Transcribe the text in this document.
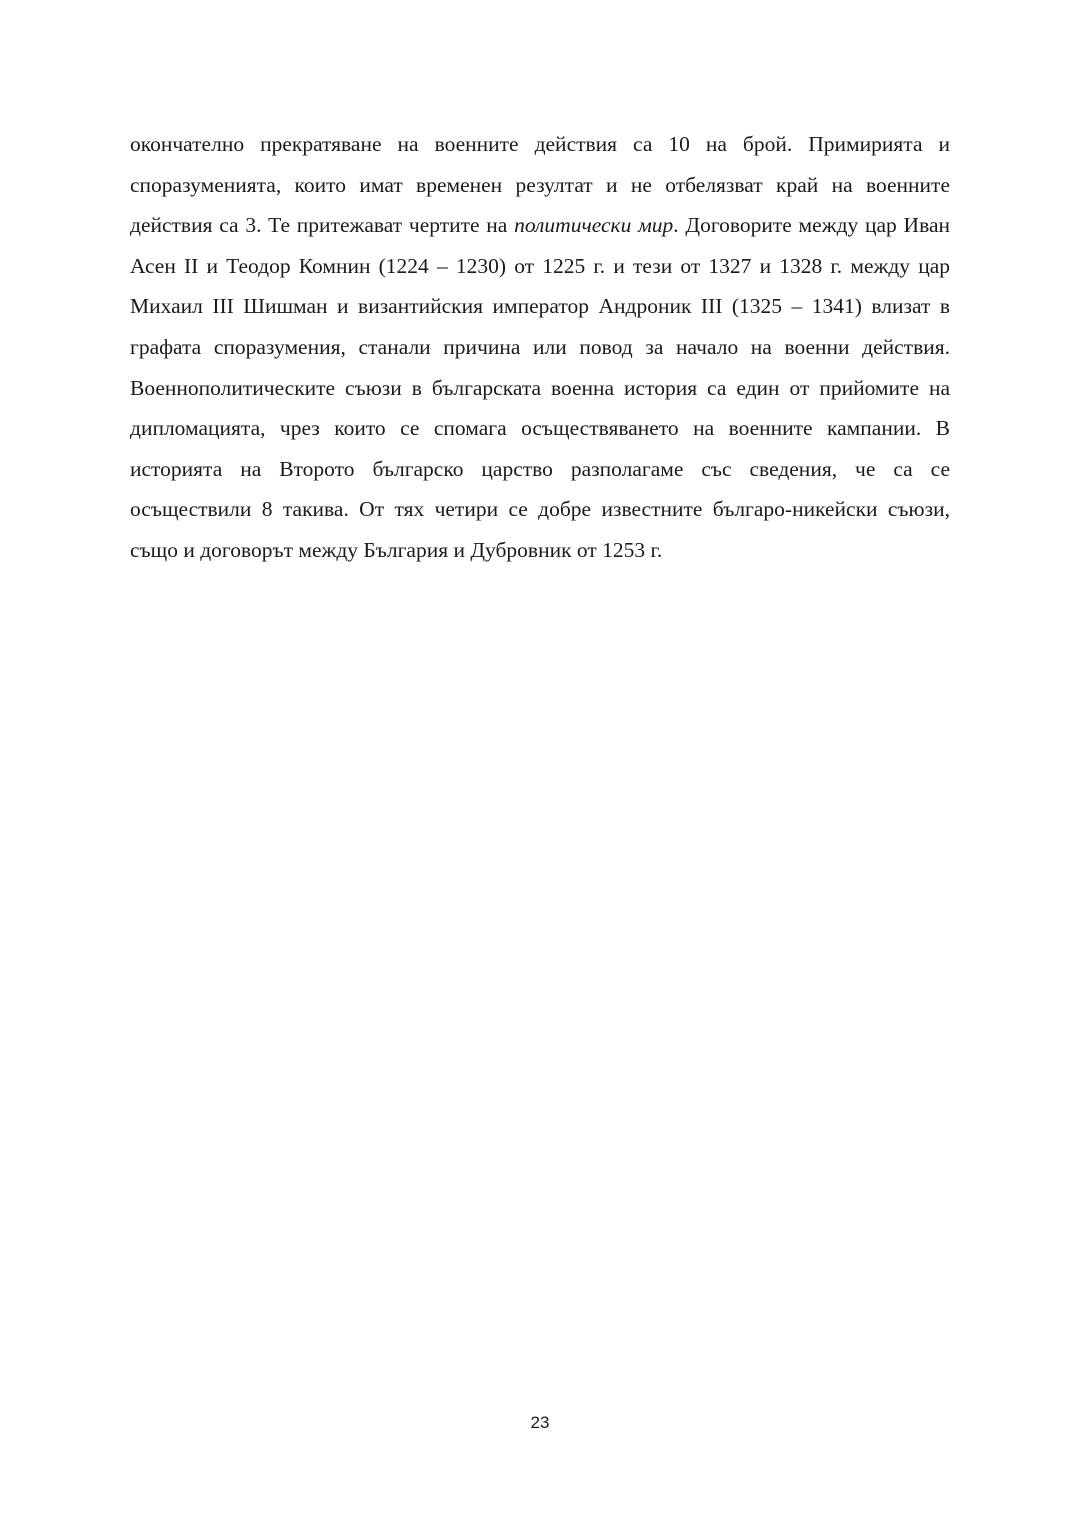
окончателно прекратяване на военните действия са 10 на брой. Примирията и споразуменията, които имат временен резултат и не отбелязват край на военните действия са 3. Те притежават чертите на политически мир. Договорите между цар Иван Асен II и Теодор Комнин (1224 – 1230) от 1225 г. и тези от 1327 и 1328 г. между цар Михаил III Шишман и византийския император Андроник III (1325 – 1341) влизат в графата споразумения, станали причина или повод за начало на военни действия. Военнополитическите съюзи в българската военна история са един от прийомите на дипломацията, чрез които се спомага осъществяването на военните кампании. В историята на Второто българско царство разполагаме със сведения, че са се осъществили 8 такива. От тях четири се добре известните българо-никейски съюзи, също и договорът между България и Дубровник от 1253 г.

23
